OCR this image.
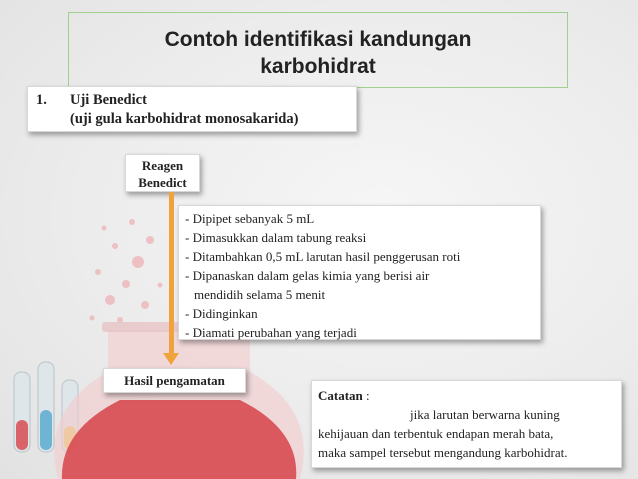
Contoh identifikasi kandungan
karbohidrat
1.	Uji Benedict
(uji gula karbohidrat monosakarida)
Reagen
Benedict
- Dipipet sebanyak 5 mL
- Dimasukkan dalam tabung reaksi
- Ditambahkan 0,5 mL larutan hasil penggerusan roti
- Dipanaskan dalam gelas kimia yang berisi air
mendidih selama 5 menit
- Didinginkan
- Diamati perubahan yang terjadi
Hasil pengamatan
Catatan :
jika larutan berwarna kuning
kehijauan dan terbentuk endapan merah bata,
maka sampel tersebut mengandung karbohidrat.
